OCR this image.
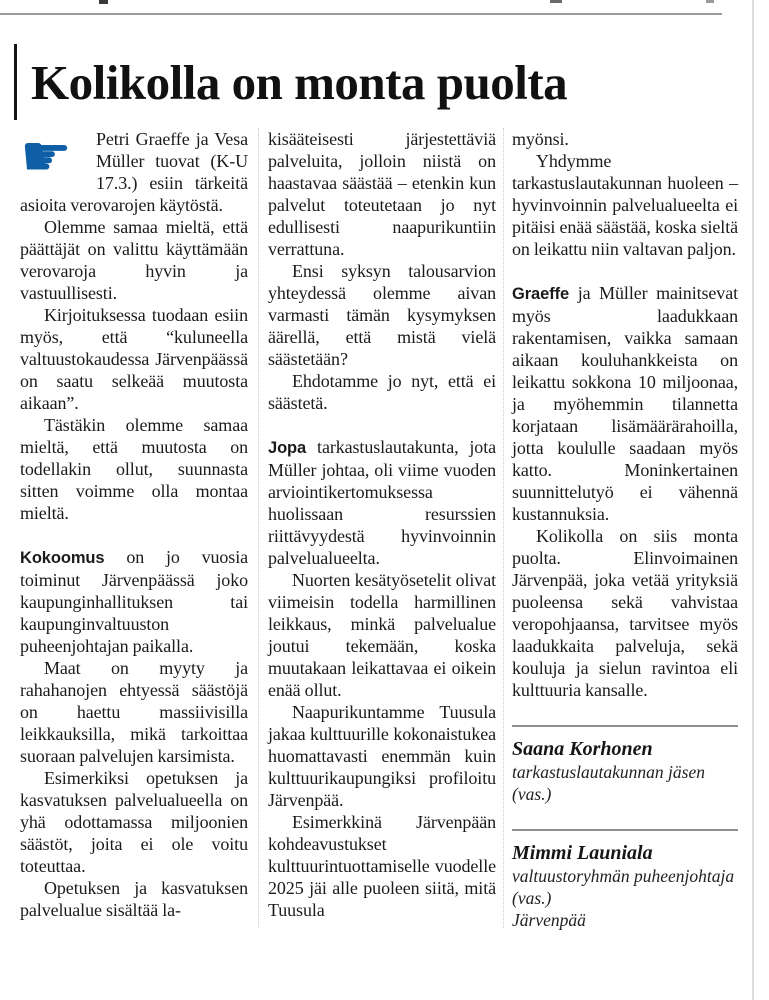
Kolikolla on monta puolta

☛	Petri Graeffe ja Vesa Müller tuovat (K-U 17.3.) esiin tärkeitä asioita verovarojen käytöstä.

Olemme samaa mieltä, että päättäjät on valittu käyttämään verovaroja hyvin ja vastuullisesti.

Kirjoituksessa tuodaan esiin myös, että “kuluneella valtuustokaudessa Järvenpäässä on saatu selkeää muutosta aikaan”.

Tästäkin olemme samaa mieltä, että muutosta on todellakin ollut, suunnasta sitten voimme olla montaa mieltä.

Kokoomus on jo vuosia toiminut Järvenpäässä joko kaupunginhallituksen tai kaupunginvaltuuston puheenjohtajan paikalla.

Maat on myyty ja rahahanojen ehtyessä säästöjä on haettu massiivisilla leikkauksilla, mikä tarkoittaa suoraan palvelujen karsimista.

Esimerkiksi opetuksen ja kasvatuksen palvelualueella on yhä odottamassa miljoonien säästöt, joita ei ole voitu toteuttaa.

Opetuksen ja kasvatuksen palvelualue sisältää la-

kisääteisesti järjestettäviä palveluita, jolloin niistä on haastavaa säästää – etenkin kun palvelut toteutetaan jo nyt edullisesti naapurikuntiin verrattuna.

Ensi syksyn talousarvion yhteydessä olemme aivan varmasti tämän kysymyksen äärellä, että mistä vielä säästetään?

Ehdotamme jo nyt, että ei säästetä.

Jopa tarkastuslautakunta, jota Müller johtaa, oli viime vuoden arviointikertomuksessa huolissaan resurssien riittävyydestä hyvinvoinnin palvelualueelta.

Nuorten kesätyösetelit olivat viimeisin todella harmillinen leikkaus, minkä palvelualue joutui tekemään, koska muutakaan leikattavaa ei oikein enää ollut.

Naapurikuntamme Tuusula jakaa kulttuurille kokonaistukea huomattavasti enemmän kuin kulttuurikaupungiksi profiloitu Järvenpää.

Esimerkkinä Järvenpään kohdeavustukset kulttuurintuottamiselle vuodelle 2025 jäi alle puoleen siitä, mitä Tuusula

myönsi.

Yhdymme tarkastuslautakunnan huoleen – hyvinvoinnin palvelualueelta ei pitäisi enää säästää, koska sieltä on leikattu niin valtavan paljon.

Graeffe ja Müller mainitsevat myös laadukkaan rakentamisen, vaikka samaan aikaan kouluhankkeista on leikattu sokkona 10 miljoonaa, ja myöhemmin tilannetta korjataan lisämäärärahoilla, jotta koululle saadaan myös katto. Moninkertainen suunnittelutyö ei vähennä kustannuksia.

Kolikolla on siis monta puolta. Elinvoimainen Järvenpää, joka vetää yrityksiä puoleensa sekä vahvistaa veropohjaansa, tarvitsee myös laadukkaita palveluja, sekä kouluja ja sielun ravintoa eli kulttuuria kansalle.

Saana Korhonen
tarkastuslautakunnan jäsen (vas.)
Mimmi Launiala
valtuustoryhmän puheenjohtaja (vas.)
Järvenpää
